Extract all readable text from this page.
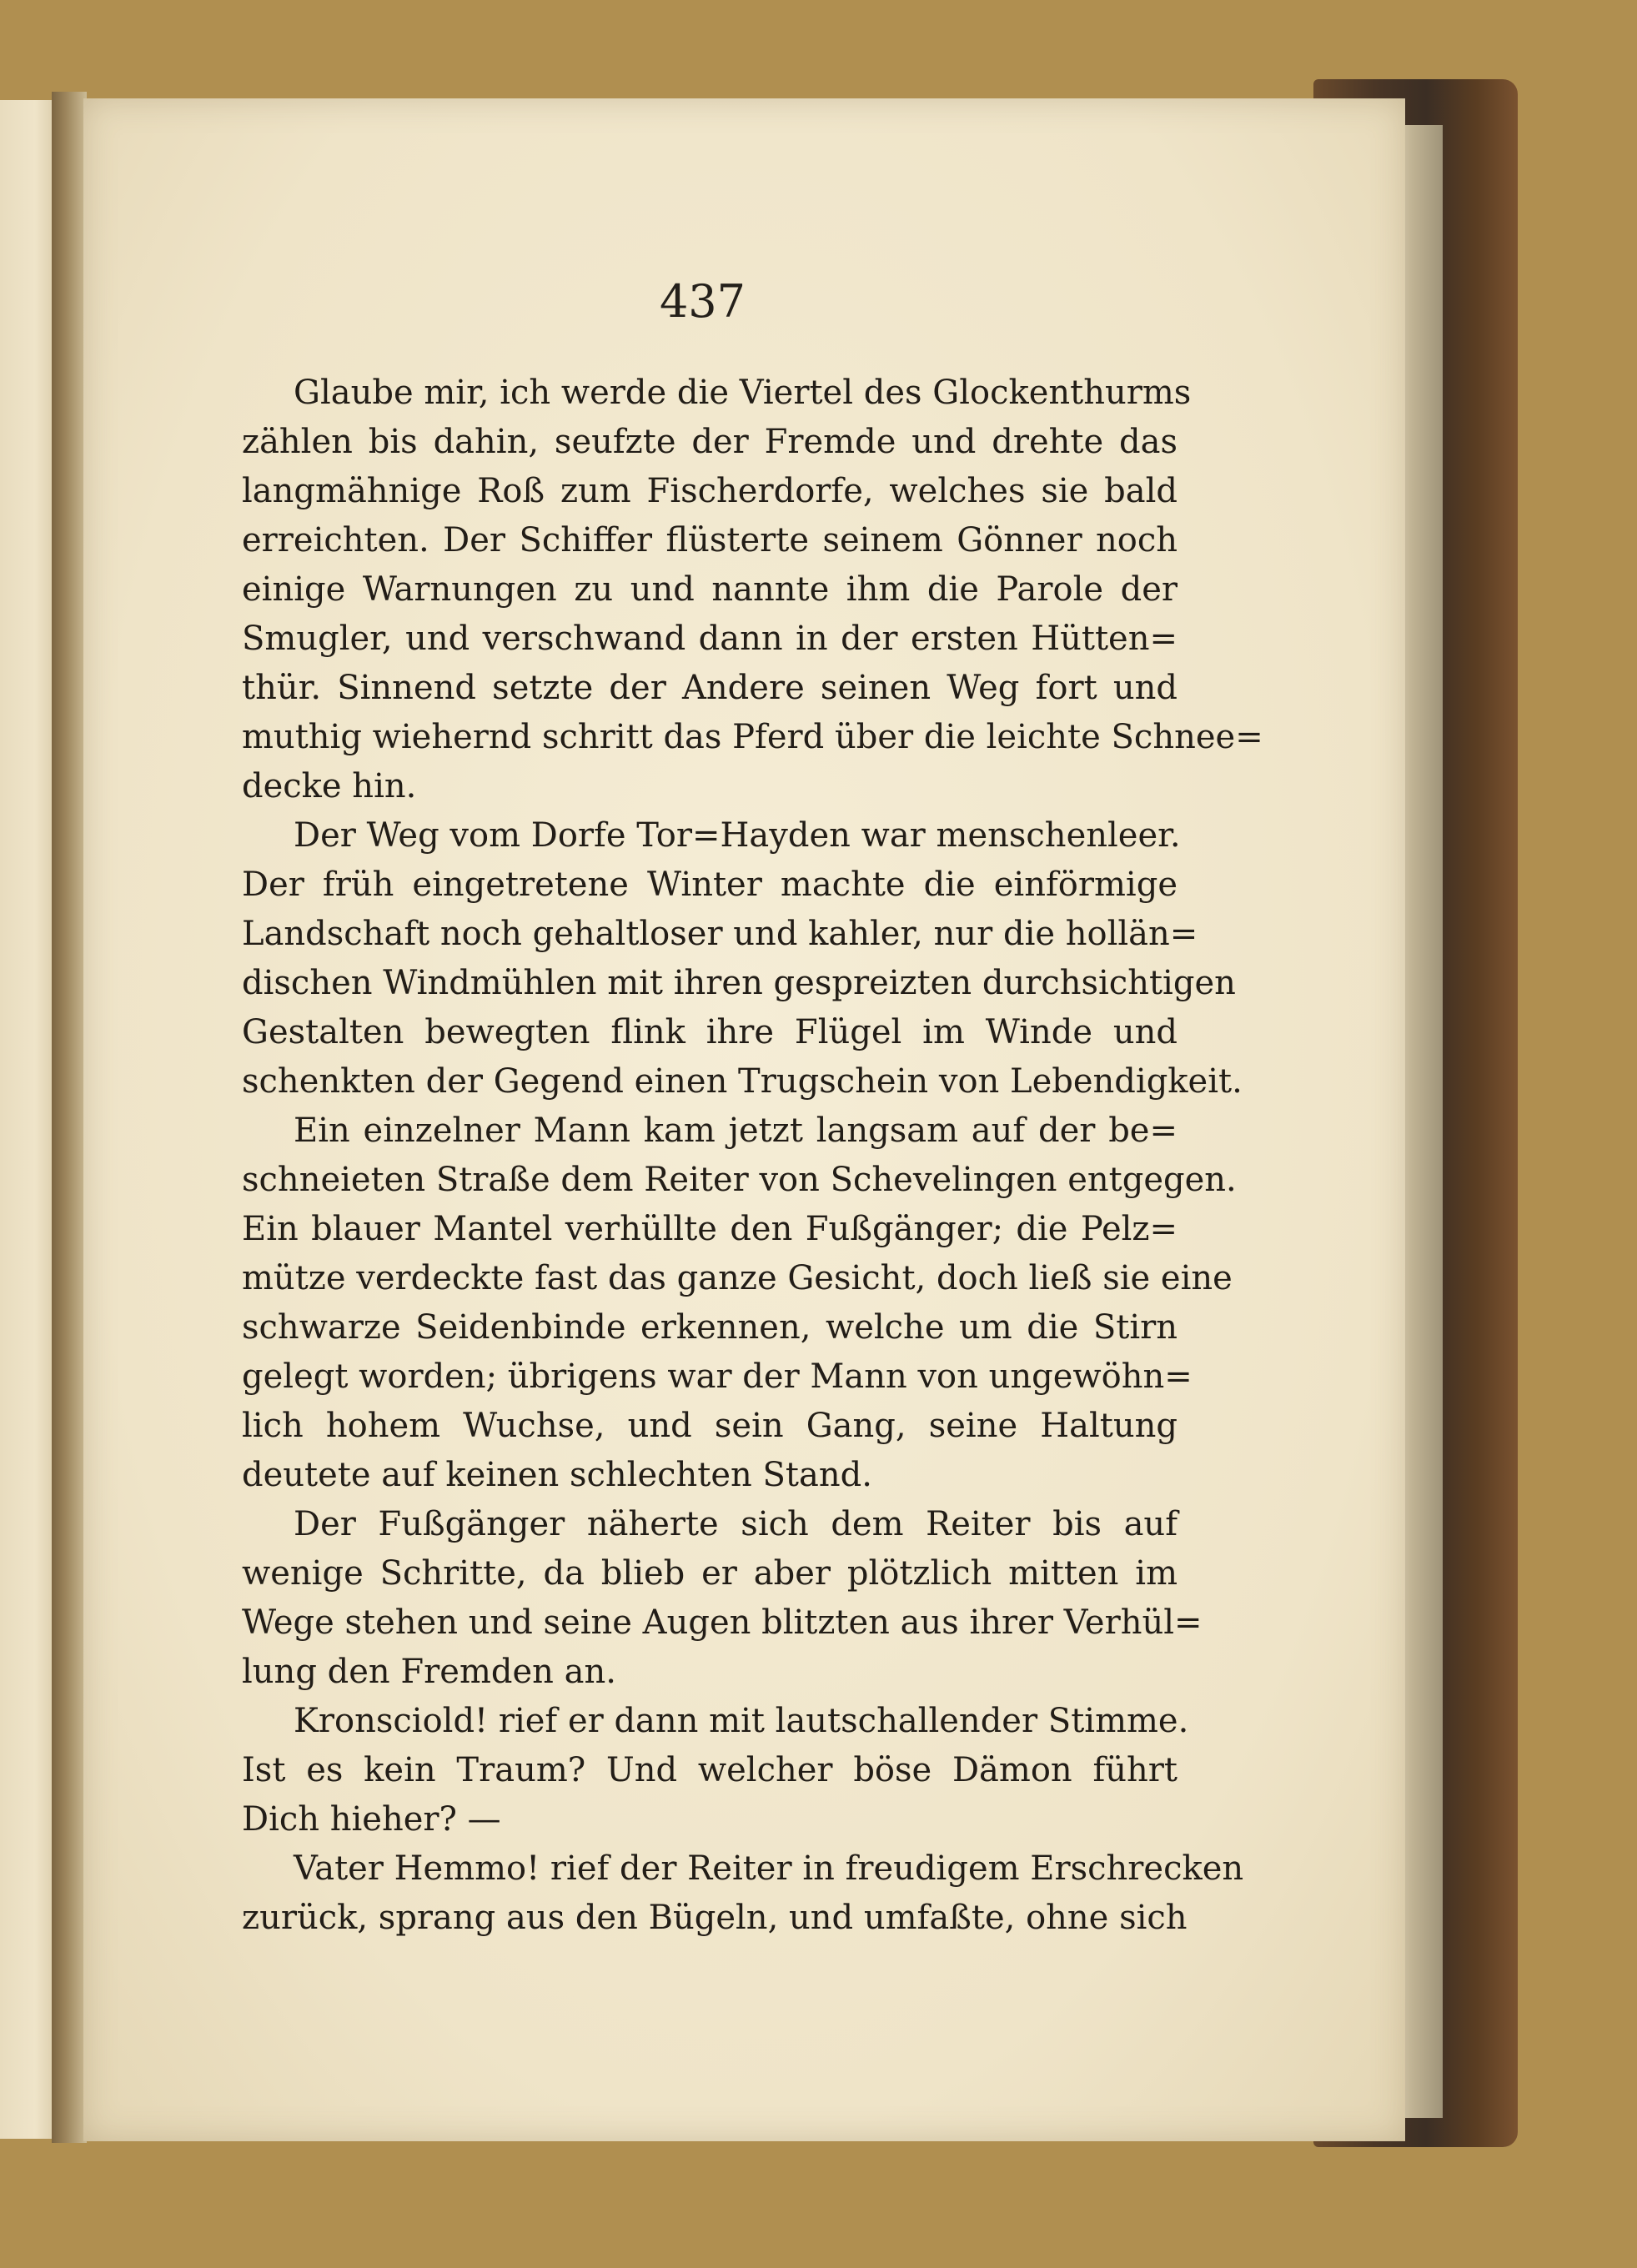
437
Glaube mir, ich werde die Viertel des Glockenthurms
zählen bis dahin, seufzte der Fremde und drehte das
langmähnige Roß zum Fischerdorfe, welches sie bald
erreichten. Der Schiffer flüsterte seinem Gönner noch
einige Warnungen zu und nannte ihm die Parole der
Smugler, und verschwand dann in der ersten Hütten=
thür. Sinnend setzte der Andere seinen Weg fort und
muthig wiehernd schritt das Pferd über die leichte Schnee=
decke hin.
Der Weg vom Dorfe Tor=Hayden war menschenleer.
Der früh eingetretene Winter machte die einförmige
Landschaft noch gehaltloser und kahler, nur die hollän=
dischen Windmühlen mit ihren gespreizten durchsichtigen
Gestalten bewegten flink ihre Flügel im Winde und
schenkten der Gegend einen Trugschein von Lebendigkeit.
Ein einzelner Mann kam jetzt langsam auf der be=
schneieten Straße dem Reiter von Schevelingen entgegen.
Ein blauer Mantel verhüllte den Fußgänger; die Pelz=
mütze verdeckte fast das ganze Gesicht, doch ließ sie eine
schwarze Seidenbinde erkennen, welche um die Stirn
gelegt worden; übrigens war der Mann von ungewöhn=
lich hohem Wuchse, und sein Gang, seine Haltung
deutete auf keinen schlechten Stand.
Der Fußgänger näherte sich dem Reiter bis auf
wenige Schritte, da blieb er aber plötzlich mitten im
Wege stehen und seine Augen blitzten aus ihrer Verhül=
lung den Fremden an.
Kronsciold! rief er dann mit lautschallender Stimme.
Ist es kein Traum? Und welcher böse Dämon führt
Dich hieher? —
Vater Hemmo! rief der Reiter in freudigem Erschrecken
zurück, sprang aus den Bügeln, und umfaßte, ohne sich
